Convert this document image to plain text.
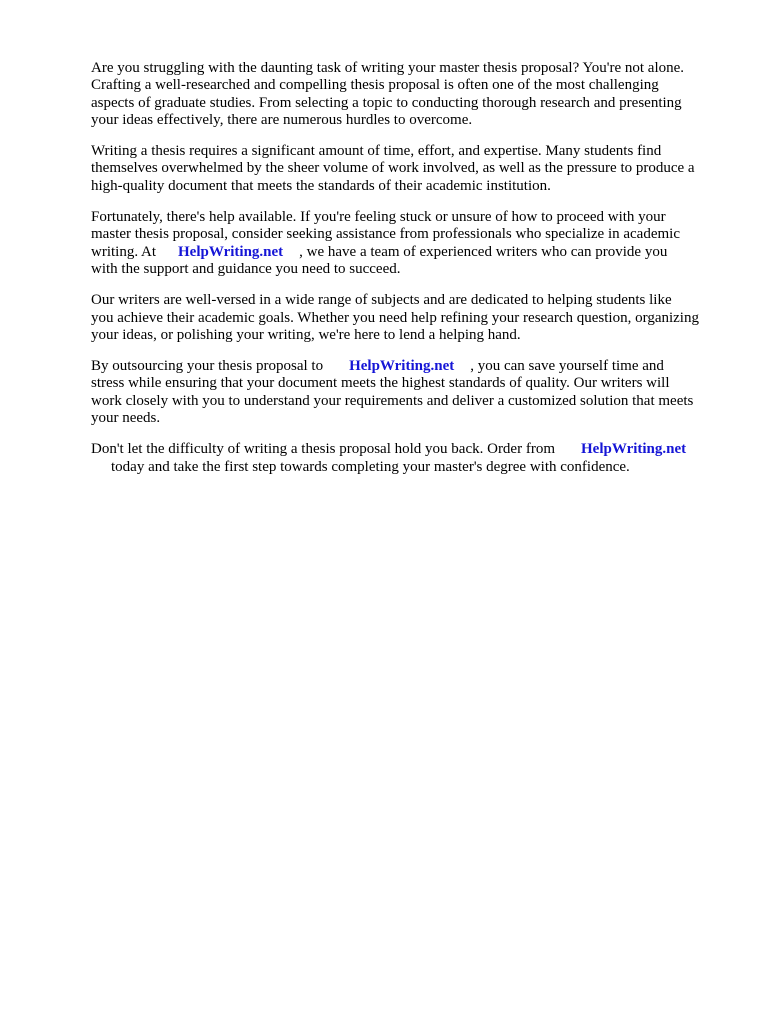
Are you struggling with the daunting task of writing your master thesis proposal? You're not alone.
Crafting a well-researched and compelling thesis proposal is often one of the most challenging
aspects of graduate studies. From selecting a topic to conducting thorough research and presenting
your ideas effectively, there are numerous hurdles to overcome.

Writing a thesis requires a significant amount of time, effort, and expertise. Many students find
themselves overwhelmed by the sheer volume of work involved, as well as the pressure to produce a
high-quality document that meets the standards of their academic institution.

Fortunately, there's help available. If you're feeling stuck or unsure of how to proceed with your
master thesis proposal, consider seeking assistance from professionals who specialize in academic
writing. At HelpWriting.net , we have a team of experienced writers who can provide you
with the support and guidance you need to succeed.

Our writers are well-versed in a wide range of subjects and are dedicated to helping students like
you achieve their academic goals. Whether you need help refining your research question, organizing
your ideas, or polishing your writing, we're here to lend a helping hand.

By outsourcing your thesis proposal to HelpWriting.net , you can save yourself time and
stress while ensuring that your document meets the highest standards of quality. Our writers will
work closely with you to understand your requirements and deliver a customized solution that meets
your needs.

Don't let the difficulty of writing a thesis proposal hold you back. Order from HelpWriting.net
today and take the first step towards completing your master's degree with confidence.
